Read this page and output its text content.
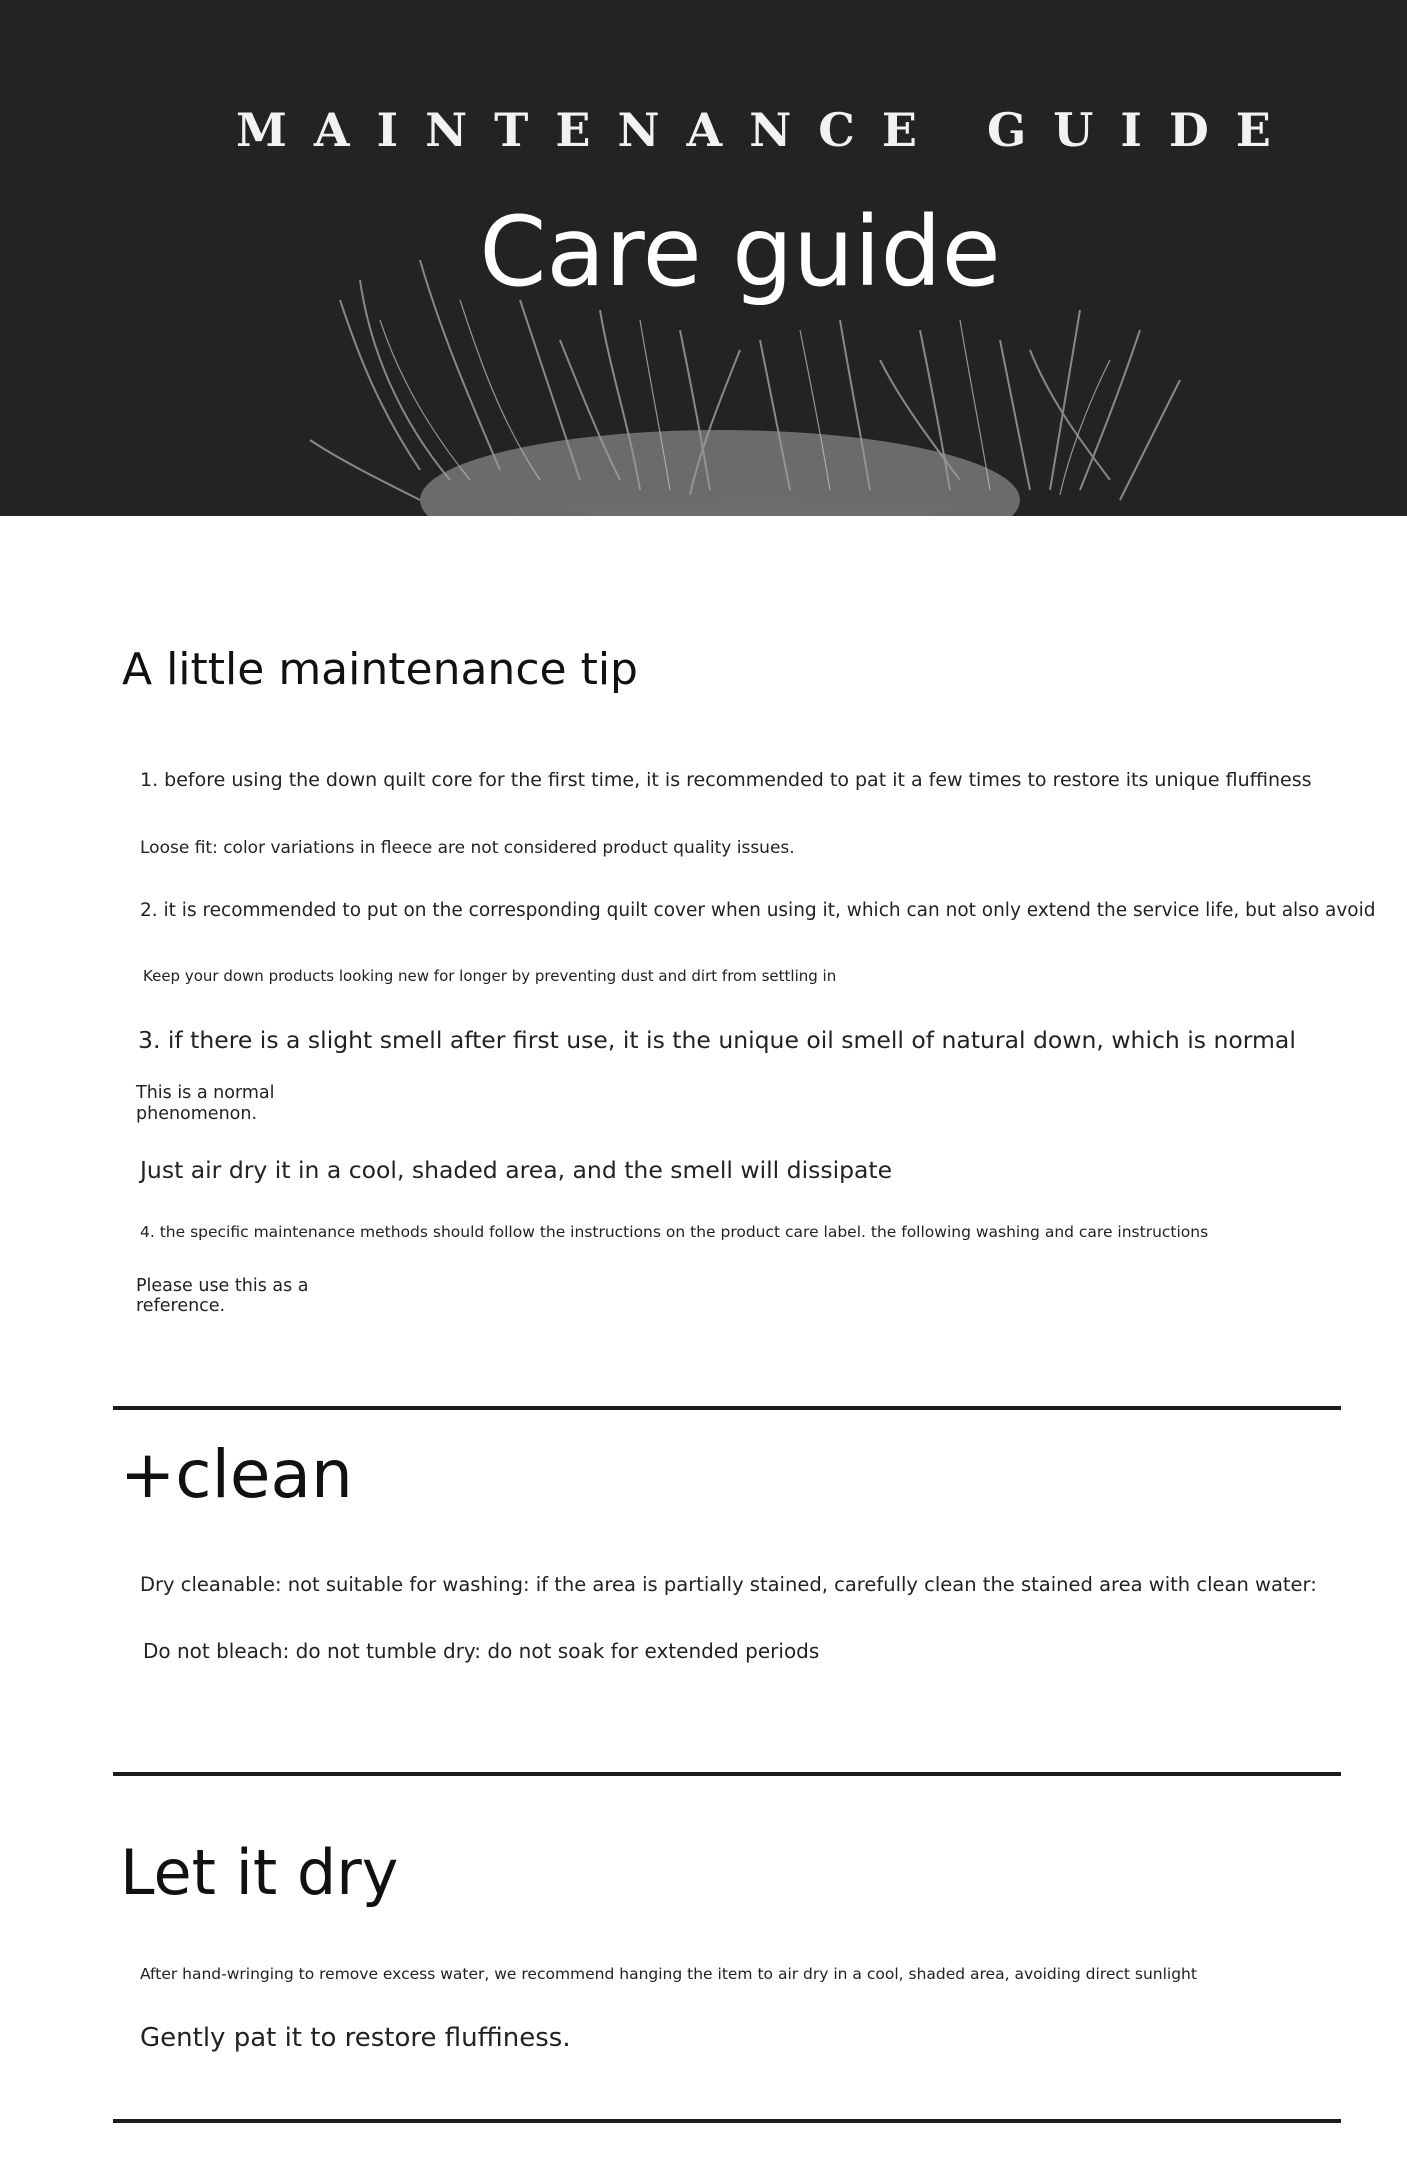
MAINTENANCE GUIDE
Care guide
A little maintenance tip
1. before using the down quilt core for the first time, it is recommended to pat it a few times to restore its unique fluffiness
Loose fit: color variations in fleece are not considered product quality issues.
2. it is recommended to put on the corresponding quilt cover when using it, which can not only extend the service life, but also avoid
Keep your down products looking new for longer by preventing dust and dirt from settling in
3. if there is a slight smell after first use, it is the unique oil smell of natural down, which is normal
This is a normal
phenomenon.
Just air dry it in a cool, shaded area, and the smell will dissipate
4. the specific maintenance methods should follow the instructions on the product care label. the following washing and care instructions
Please use this as a
reference.
+clean
Dry cleanable: not suitable for washing: if the area is partially stained, carefully clean the stained area with clean water:
Do not bleach: do not tumble dry: do not soak for extended periods
Let it dry
After hand-wringing to remove excess water, we recommend hanging the item to air dry in a cool, shaded area, avoiding direct sunlight
Gently pat it to restore fluffiness.
